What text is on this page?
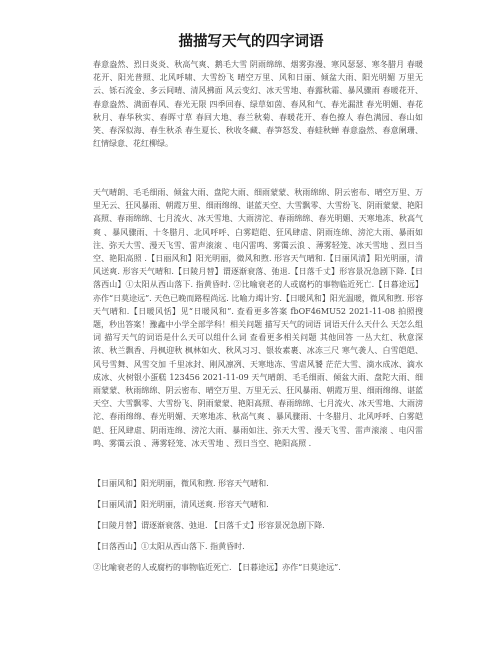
描描写天气的四字词语

春意盎然、烈日炎炎、秋高气爽、鹅毛大雪 阴雨绵绵、烟雾弥漫、寒风瑟瑟、寒冬腊月 春暖花开、阳光普照、北风呼啸、大雪纷飞 晴空万里、风和日丽、倾盆大雨、阳光明媚 万里无云、铄石流金、多云间晴、清风拂面 风云变幻、冰天雪地、春露秋霜、暴风骤雨 春暖花开、春意盎然、满面春风、春光无限 四季回春、绿草如茵、春风和气、春光漏泄 春光明媚、春花秋月、春华秋实、春晖寸草 春回大地、春兰秋菊、春暖花开、春色撩人 春色满园、春山如笑、春深似海、春生秋杀 春生夏长、秋收冬藏、春笋怒发、春蛙秋蝉 春意盎然、春意阑珊、红情绿意、花红柳绿。

天气晴朗、毛毛细雨、倾盆大雨、盘陀大雨、细雨蒙蒙、秋雨绵绵、阴云密布、晴空万里、万里无云、狂风暴雨、朝霞万里、细雨绵绵、谌蓝天空、大雪飘零、大雪纷飞、阴雨蒙蒙、艳阳高照、春雨绵绵、七月流火、冰天雪地、大雨滂沱、春雨绵绵、春光明媚、天寒地冻、秋高气爽 、暴风骤雨、十冬腊月、北风呼呼、白雾皑皑、狂风肆虐、阴雨连绵、滂沱大雨、暴雨如注、弥天大雪、漫天飞雪、雷声滚滚 、电闪雷鸣、雾霭云浪 、薄雾轻笼、冰天雪地 、烈日当空、艳阳高照 .【日丽风和】阳光明丽，微风和煦. 形容天气晴和.【日丽风清】阳光明丽，清风送爽. 形容天气晴和.【日陵月替】谓逐渐衰落、弛退.【日落千丈】形容景况急剧下降.【日落西山】①太阳从西山落下. 指黄昏时. ②比喻衰老的人或腐朽的事物临近死亡.【日暮途远】亦作“日莫途远”. 天色已晚而路程尚远. 比喻力竭计穷.【日暖风和】阳光温暖，微风和煦. 形容天气晴和.【日暖风恬】见“日暖风和”. 查看更多答案 fbOF46MU52 2021-11-08 拍照搜题，秒出答案！豫鑫中小学全部学科！相关问题 描写天气的词语 词语天什么天什么 天怎么组词 描写天气的词语是什么天可以组什么词 查看更多相关问题 其他回答 一丛大红、秋意深浓、秋兰飘香、丹枫迎秋 枫林如火、秋风习习、银妆素裹、冰冻三尺 寒气袭人、白雪皑皑、风号雪舞、风雪交加 千里冰封、刚风凛冽、天寒地冻、雪虐风饕 茫茫大雪、滴水成冰、滴水成冰、火树银小蛋糕 123456 2021-11-09 天气晴朗、毛毛细雨、倾盆大雨、盘陀大雨、细雨蒙蒙、秋雨绵绵、阴云密布、晴空万里、万里无云、狂风暴雨、朝霞万里、细雨绵绵、谌蓝天空、大雪飘零、大雪纷飞、阴雨蒙蒙、艳阳高照、春雨绵绵、七月流火、冰天雪地、大雨滂沱、春雨绵绵、春光明媚、天寒地冻、秋高气爽 、暴风骤雨、十冬腊月、北风呼呼、白雾皑皑、狂风肆虐、阴雨连绵、滂沱大雨、暴雨如注、弥天大雪、漫天飞雪、雷声滚滚 、电闪雷鸣、雾霭云浪 、薄雾轻笼、冰天雪地 、烈日当空、艳阳高照 .

【日丽风和】阳光明丽，微风和煦. 形容天气晴和.
【日丽风清】阳光明丽，清风送爽. 形容天气晴和.
【日陵月替】谓逐渐衰落、弛退. 【日落千丈】形容景况急剧下降.
【日落西山】①太阳从西山落下. 指黄昏时.
②比喻衰老的人或腐朽的事物临近死亡. 【日暮途远】亦作“日莫途远”.
